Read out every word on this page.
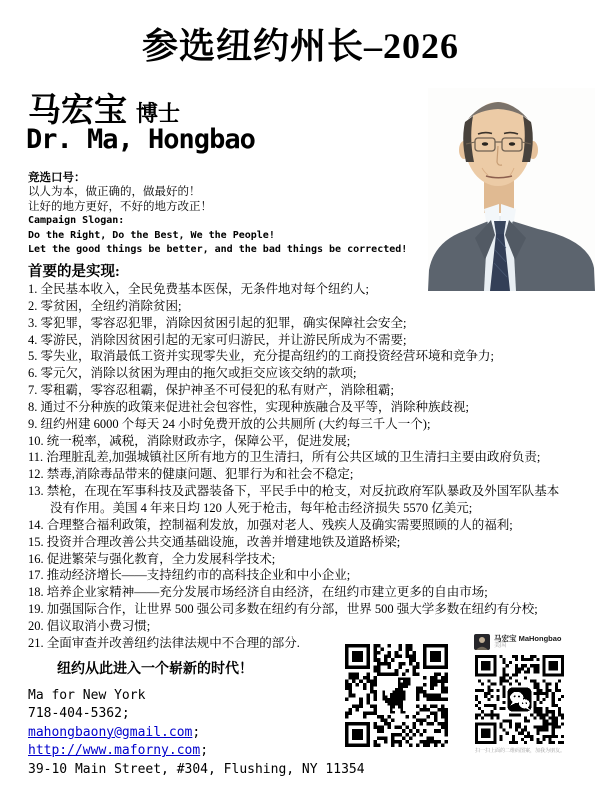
参选纽约州长–2026
马宏宝 博士
Dr. Ma, Hongbao
竞选口号：
以人为本，做正确的，做最好的！
让好的地方更好，不好的地方改正！
Campaign Slogan:
Do the Right, Do the Best, We the People!
Let the good things be better, and the bad things be corrected!
首要的是实现:
1. 全民基本收入，全民免费基本医保，无条件地对每个纽约人;
2. 零贫困，全纽约消除贫困;
3. 零犯罪，零容忍犯罪，消除因贫困引起的犯罪，确实保障社会安全;
4. 零游民，消除因贫困引起的无家可归游民，并让游民所成为不需要;
5. 零失业，取消最低工资并实现零失业，充分提高纽约的工商投资经营环境和竞争力;
6. 零元欠，消除以贫困为理由的拖欠或拒交应该交纳的款项;
7. 零租霸，零容忍租霸，保护神圣不可侵犯的私有财产，消除租霸;
8. 通过不分种族的政策来促进社会包容性，实现种族融合及平等，消除种族歧视;
9. 纽约州建 6000 个每天 24 小时免费开放的公共厕所 (大约每三千人一个);
10. 统一税率，减税，消除财政赤字，保障公平，促进发展;
11. 治理脏乱差,加强城镇社区所有地方的卫生清扫，所有公共区域的卫生清扫主要由政府负责;
12. 禁毒,消除毒品带来的健康问题、犯罪行为和社会不稳定;
13. 禁枪，在现在军事科技及武器装备下，平民手中的枪支，对反抗政府军队暴政及外国军队基本没有作用。美国 4 年来日均 120 人死于枪击，每年枪击经济损失 5570 亿美元;
14. 合理整合福利政策，控制福利发放，加强对老人、残疾人及确实需要照顾的人的福利;
15. 投资并合理改善公共交通基础设施，改善并增建地铁及道路桥梁;
16. 促进繁荣与强化教育，全力发展科学技术;
17. 推动经济增长——支持纽约市的高科技企业和中小企业;
18. 培养企业家精神——充分发展市场经济自由经济，在纽约市建立更多的自由市场;
19. 加强国际合作，让世界 500 强公司多数在纽约有分部，世界 500 强大学多数在纽约有分校;
20. 倡议取消小费习惯;
21. 全面审查并改善纽约法律法规中不合理的部分.
纽约从此进入一个崭新的时代！
Ma for New York
718-404-5362;
mahongbaony@gmail.com;
http://www.maforny.com;
39-10 Main Street, #304, Flushing, NY 11354
马宏宝 MaHongbao
美国
扫一扫上面的二维码图案，加我为朋友。
